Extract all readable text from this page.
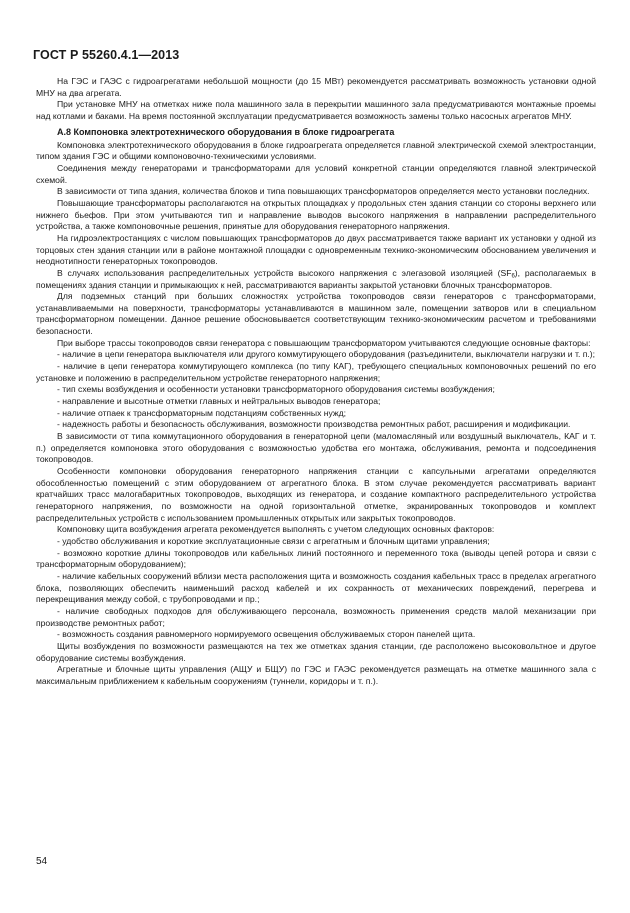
ГОСТ Р 55260.4.1—2013

На ГЭС и ГАЭС с гидроагрегатами небольшой мощности (до 15 МВт) рекомендуется рассматривать возможность установки одной МНУ на два агрегата.

При установке МНУ на отметках ниже пола машинного зала в перекрытии машинного зала предусматриваются монтажные проемы над котлами и баками. На время постоянной эксплуатации предусматривается возможность замены только насосных агрегатов МНУ.

А.8 Компоновка электротехнического оборудования в блоке гидроагрегата

Компоновка электротехнического оборудования в блоке гидроагрегата определяется главной электрической схемой электростанции, типом здания ГЭС и общими компоновочно-техническими условиями.

Соединения между генераторами и трансформаторами для условий конкретной станции определяются главной электрической схемой.

В зависимости от типа здания, количества блоков и типа повышающих трансформаторов определяется место установки последних.

Повышающие трансформаторы располагаются на открытых площадках у продольных стен здания станции со стороны верхнего или нижнего бьефов. При этом учитываются тип и направление выводов высокого напряжения в направлении распределительного устройства, а также компоновочные решения, принятые для оборудования генераторного напряжения.

На гидроэлектростанциях с числом повышающих трансформаторов до двух рассматривается также вариант их установки у одной из торцовых стен здания станции или в районе монтажной площадки с одновременным технико-экономическим обоснованием увеличения и неоднотипности генераторных токопроводов.

В случаях использования распределительных устройств высокого напряжения с элегазовой изоляцией $(SF_6)$, располагаемых в помещениях здания станции и примыкающих к ней, рассматриваются варианты закрытой установки блочных трансформаторов.

Для подземных станций при больших сложностях устройства токопроводов связи генераторов с трансформаторами, устанавливаемыми на поверхности, трансформаторы устанавливаются в машинном зале, помещении затворов или в специальном трансформаторном помещении. Данное решение обосновывается соответствующим технико-экономическим расчетом и требованиями безопасности.

При выборе трассы токопроводов связи генератора с повышающим трансформатором учитываются следующие основные факторы:

- наличие в цепи генератора выключателя или другого коммутирующего оборудования (разъединители, выключатели нагрузки и т. п.);

- наличие в цепи генератора коммутирующего комплекса (по типу КАГ), требующего специальных компоновочных решений по его установке и положению в распределительном устройстве генераторного напряжения;

- тип схемы возбуждения и особенности установки трансформаторного оборудования системы возбуждения;

- направление и высотные отметки главных и нейтральных выводов генератора;

- наличие отпаек к трансформаторным подстанциям собственных нужд;

- надежность работы и безопасность обслуживания, возможности производства ремонтных работ, расширения и модификации.

В зависимости от типа коммутационного оборудования в генераторной цепи (маломасляный или воздушный выключатель, КАГ и т. п.) определяется компоновка этого оборудования с возможностью удобства его монтажа, обслуживания, ремонта и подсоединения токопроводов.

Особенности компоновки оборудования генераторного напряжения станции с капсульными агрегатами определяются обособленностью помещений с этим оборудованием от агрегатного блока. В этом случае рекомендуется рассматривать вариант кратчайших трасс малогабаритных токопроводов, выходящих из генератора, и создание компактного распределительного устройства генераторного напряжения, по возможности на одной горизонтальной отметке, экранированных токопроводов и комплект распределительных устройств с использованием промышленных открытых или закрытых токопроводов.

Компоновку щита возбуждения агрегата рекомендуется выполнять с учетом следующих основных факторов:

- удобство обслуживания и короткие эксплуатационные связи с агрегатным и блочным щитами управления;

- возможно короткие длины токопроводов или кабельных линий постоянного и переменного тока (выводы цепей ротора и связи с трансформаторным оборудованием);

- наличие кабельных сооружений вблизи места расположения щита и возможность создания кабельных трасс в пределах агрегатного блока, позволяющих обеспечить наименьший расход кабелей и их сохранность от механических повреждений, перегрева и перекрещивания между собой, с трубопроводами и пр.;

- наличие свободных подходов для обслуживающего персонала, возможность применения средств малой механизации при производстве ремонтных работ;

- возможность создания равномерного нормируемого освещения обслуживаемых сторон панелей щита.

Щиты возбуждения по возможности размещаются на тех же отметках здания станции, где расположено высоковольтное и другое оборудование системы возбуждения.

Агрегатные и блочные щиты управления (АЩУ и БЩУ) по ГЭС и ГАЭС рекомендуется размещать на отметке машинного зала с максимальным приближением к кабельным сооружениям (туннели, коридоры и т. п.).

54
